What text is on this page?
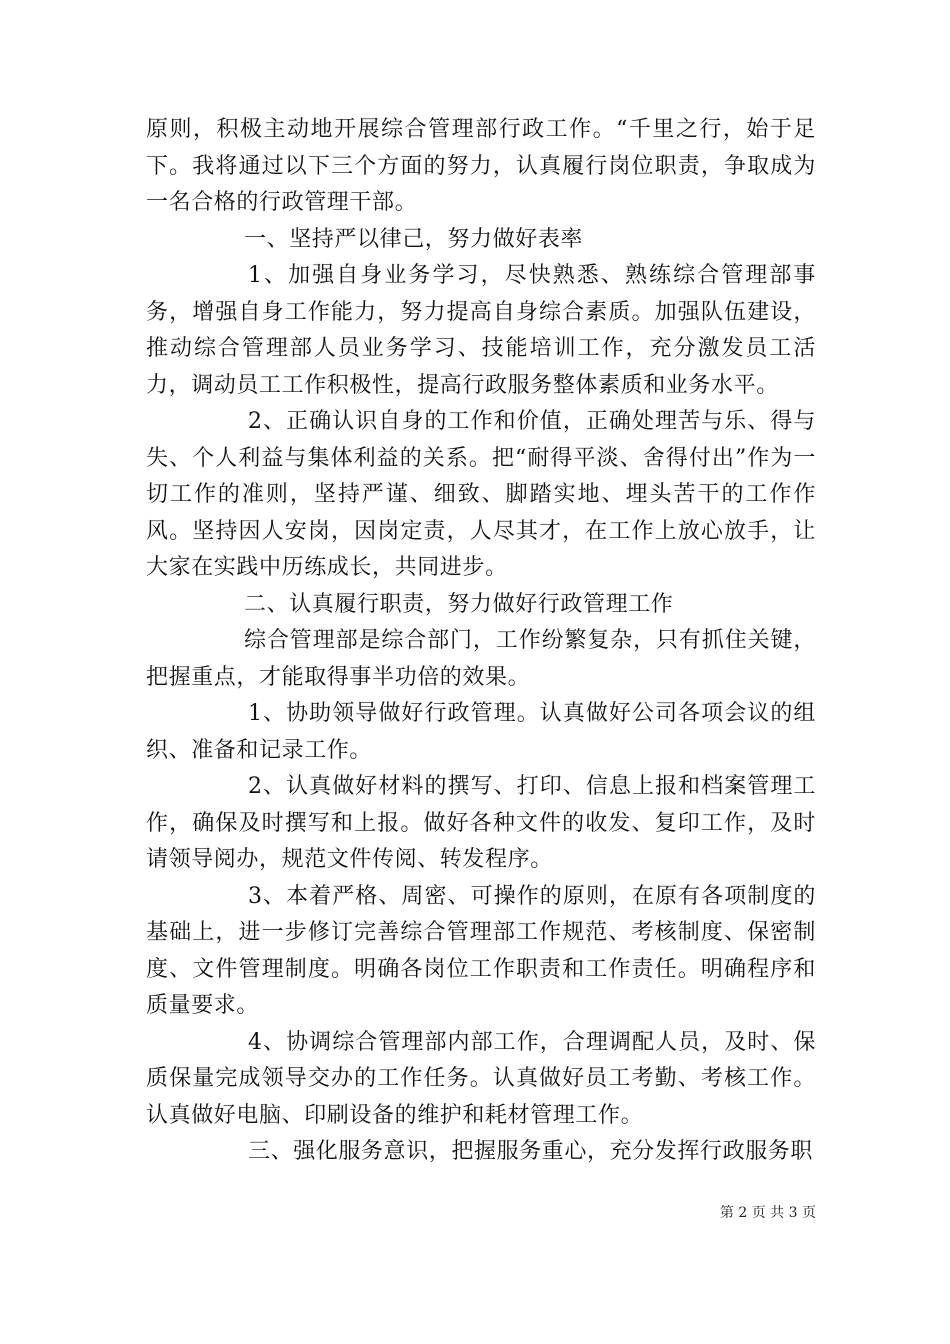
原则，积极主动地开展综合管理部行政工作。“千里之行，始于足下。我将通过以下三个方面的努力，认真履行岗位职责，争取成为一名合格的行政管理干部。

一、坚持严以律己，努力做好表率

1、加强自身业务学习，尽快熟悉、熟练综合管理部事务，增强自身工作能力，努力提高自身综合素质。加强队伍建设，推动综合管理部人员业务学习、技能培训工作，充分激发员工活力，调动员工工作积极性，提高行政服务整体素质和业务水平。

2、正确认识自身的工作和价值，正确处理苦与乐、得与失、个人利益与集体利益的关系。把“耐得平淡、舍得付出”作为一切工作的准则，坚持严谨、细致、脚踏实地、埋头苦干的工作作风。坚持因人安岗，因岗定责，人尽其才，在工作上放心放手，让大家在实践中历练成长，共同进步。

二、认真履行职责，努力做好行政管理工作

综合管理部是综合部门，工作纷繁复杂，只有抓住关键，把握重点，才能取得事半功倍的效果。

1、协助领导做好行政管理。认真做好公司各项会议的组织、准备和记录工作。

2、认真做好材料的撰写、打印、信息上报和档案管理工作，确保及时撰写和上报。做好各种文件的收发、复印工作，及时请领导阅办，规范文件传阅、转发程序。

3、本着严格、周密、可操作的原则，在原有各项制度的基础上，进一步修订完善综合管理部工作规范、考核制度、保密制度、文件管理制度。明确各岗位工作职责和工作责任。明确程序和质量要求。

4、协调综合管理部内部工作，合理调配人员，及时、保质保量完成领导交办的工作任务。认真做好员工考勤、考核工作。认真做好电脑、印刷设备的维护和耗材管理工作。

三、强化服务意识，把握服务重心，充分发挥行政服务职

第 2 页 共 3 页
